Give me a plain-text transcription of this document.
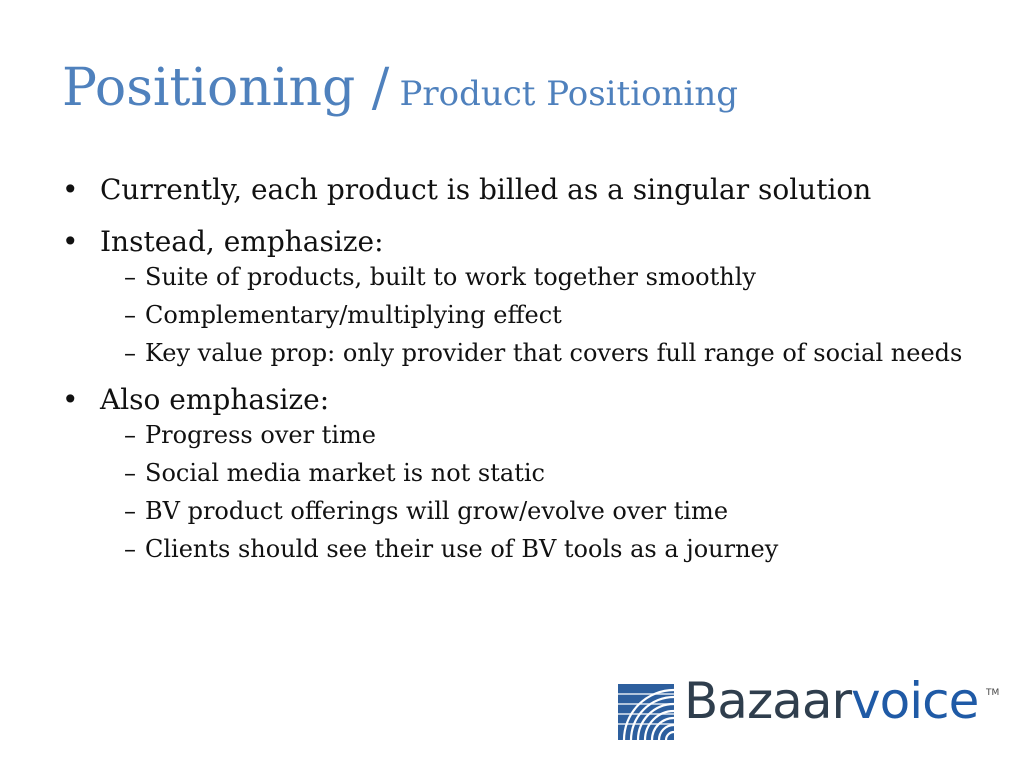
Positioning / Product Positioning
• Currently, each product is billed as a singular solution
• Instead, emphasize:
– Suite of products, built to work together smoothly
– Complementary/multiplying effect
– Key value prop: only provider that covers full range of social needs
• Also emphasize:
– Progress over time
– Social media market is not static
– BV product offerings will grow/evolve over time
– Clients should see their use of BV tools as a journey
Bazaarvoice TM
